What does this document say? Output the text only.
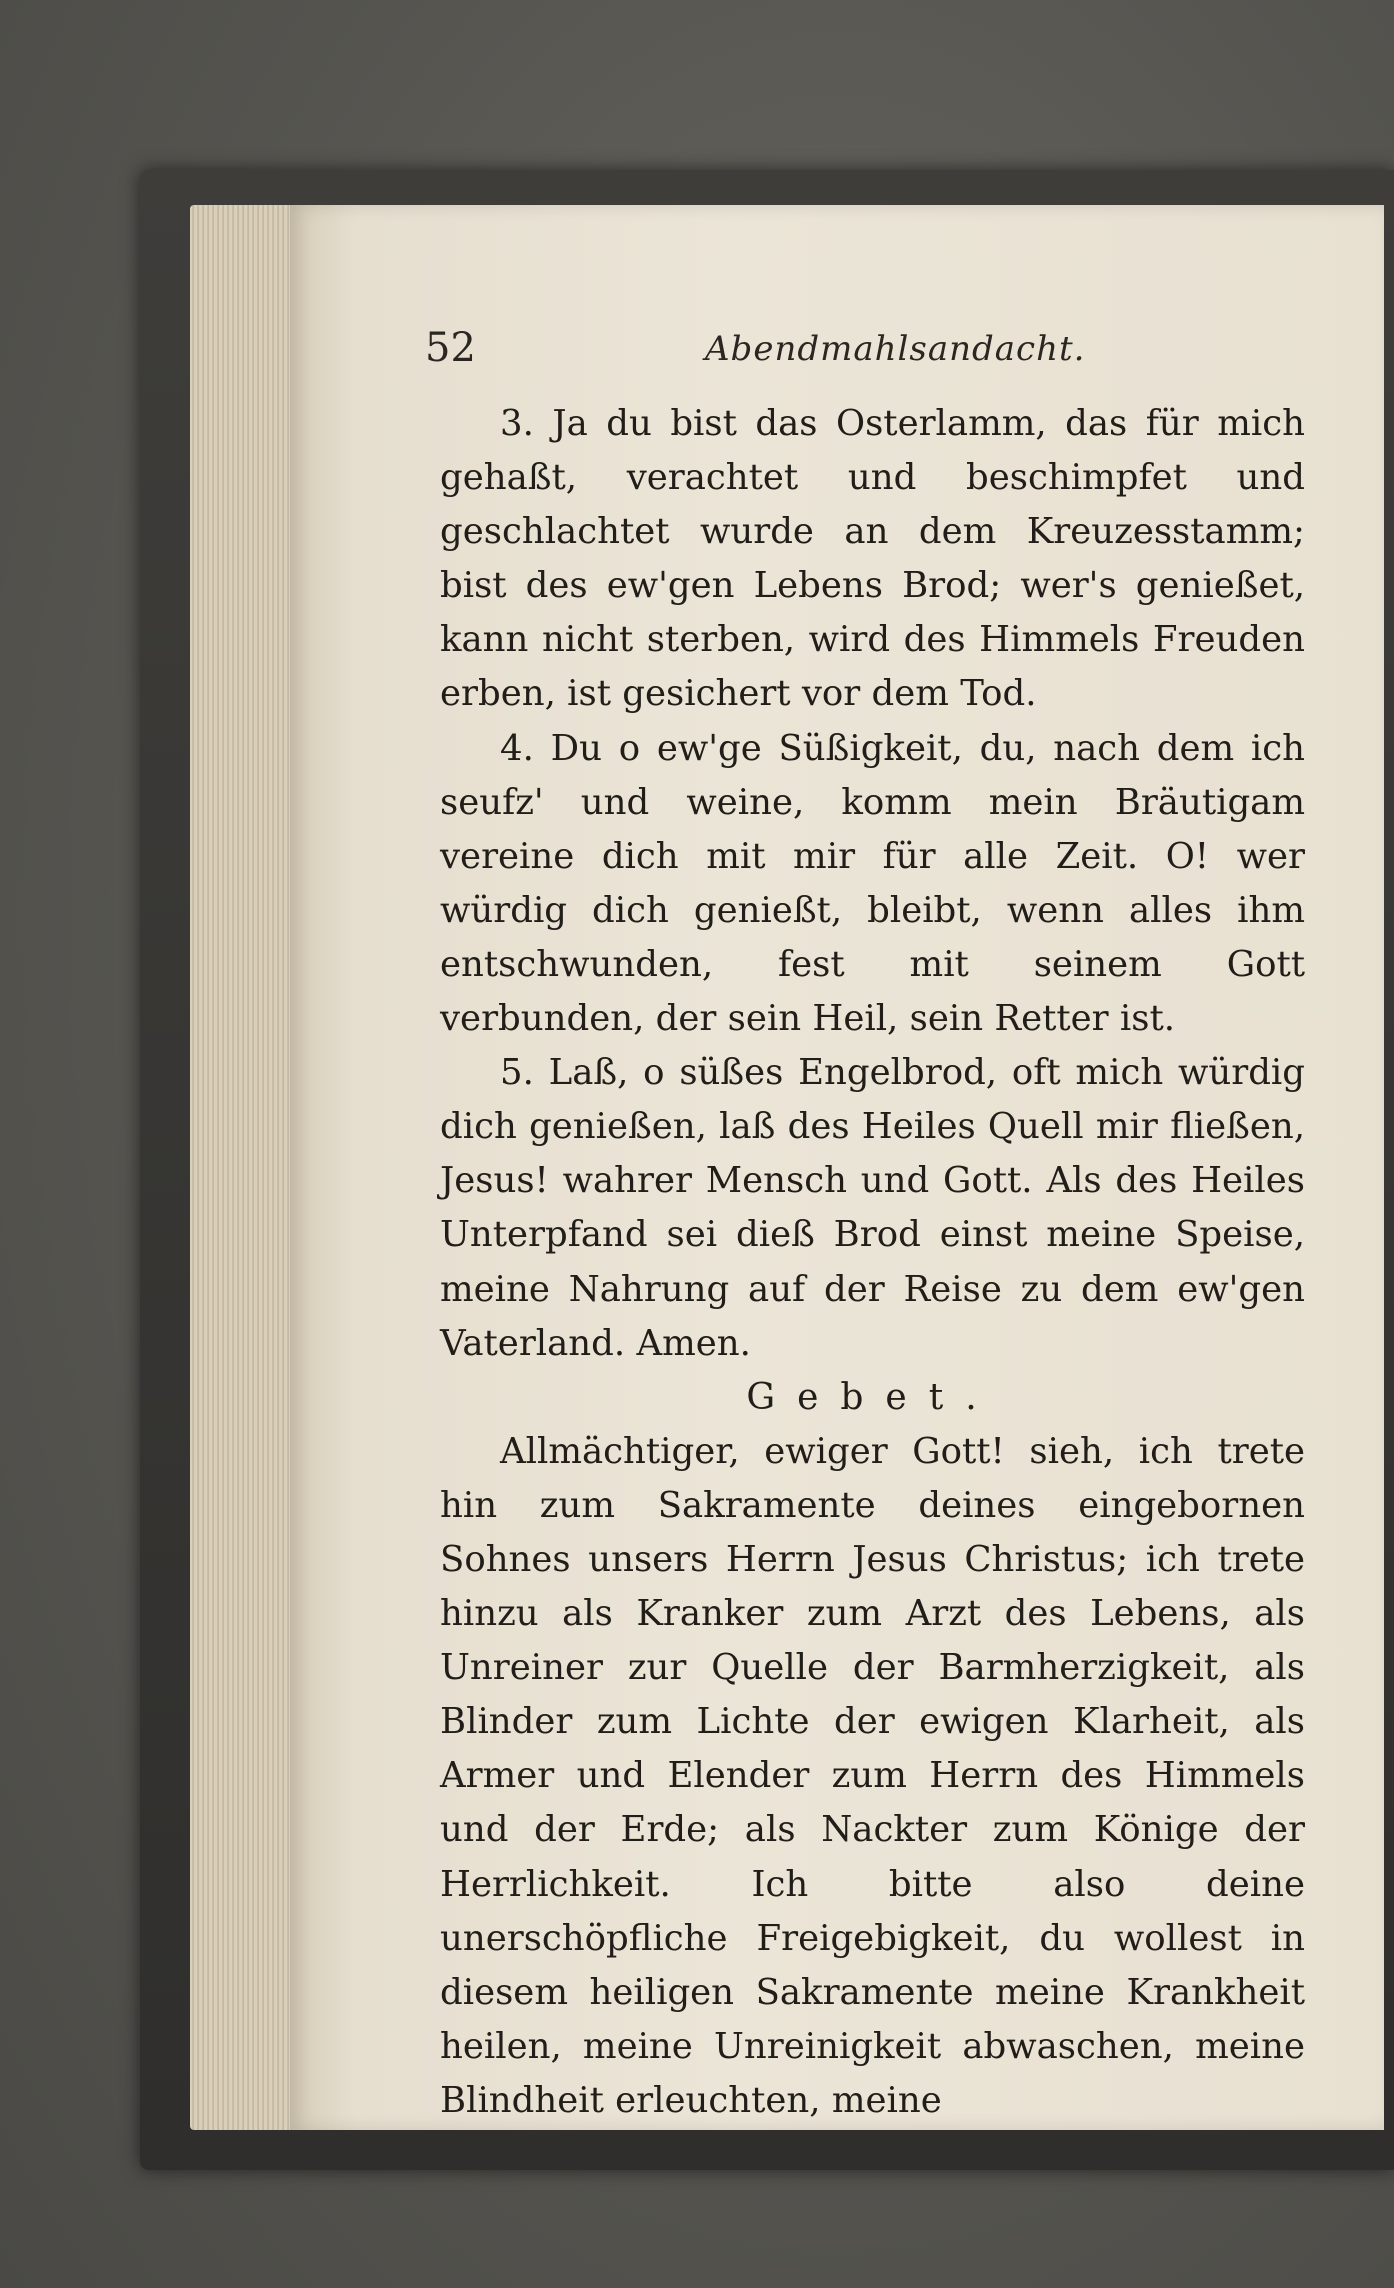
52	Abendmahlsandacht.

3. Ja du bist das Osterlamm, das für mich gehaßt, verachtet und beschimpfet und geschlachtet wurde an dem Kreuzesstamm; bist des ew'gen Lebens Brod; wer's genießet, kann nicht sterben, wird des Himmels Freuden erben, ist gesichert vor dem Tod.

4. Du o ew'ge Süßigkeit, du, nach dem ich seufz' und weine, komm mein Bräutigam vereine dich mit mir für alle Zeit. O! wer würdig dich genießt, bleibt, wenn alles ihm entschwunden, fest mit seinem Gott verbunden, der sein Heil, sein Retter ist.

5. Laß, o süßes Engelbrod, oft mich würdig dich genießen, laß des Heiles Quell mir fließen, Jesus! wahrer Mensch und Gott. Als des Heiles Unterpfand sei dieß Brod einst meine Speise, meine Nahrung auf der Reise zu dem ew'gen Vaterland. Amen.

Gebet.

Allmächtiger, ewiger Gott! sieh, ich trete hin zum Sakramente deines eingebornen Sohnes unsers Herrn Jesus Christus; ich trete hinzu als Kranker zum Arzt des Lebens, als Unreiner zur Quelle der Barmherzigkeit, als Blinder zum Lichte der ewigen Klarheit, als Armer und Elender zum Herrn des Himmels und der Erde; als Nackter zum Könige der Herrlichkeit. Ich bitte also deine unerschöpfliche Freigebigkeit, du wollest in diesem heiligen Sakramente meine Krankheit heilen, meine Unreinigkeit abwaschen, meine Blindheit erleuchten, meine
